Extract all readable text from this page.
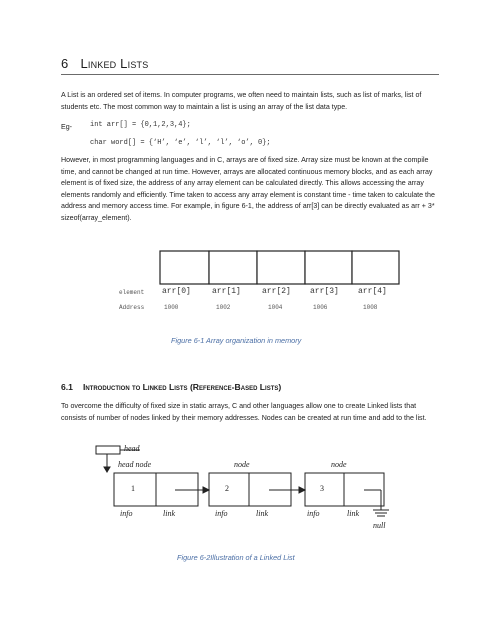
6 Linked Lists
A List is an ordered set of items. In computer programs, we often need to maintain lists, such as list of marks, list of students etc. The most common way to maintain a list is using an array of the list data type.
Eg-	int arr[] = {0,1,2,3,4};
char word[] = {‘H’, ‘e’, ‘l’, ‘l’, ‘o’, 0};
However, in most programming languages and in C, arrays are of fixed size. Array size must be known at the compile time, and cannot be changed at run time. However, arrays are allocated continuous memory blocks, and as each array element is of fixed size, the address of any array element can be calculated directly. This allows accessing the array elements randomly and efficiently. Time taken to access any array element is constant time - time taken to calculate the address and memory access time. For example, in figure 6-1, the address of arr[3] can be directly evaluated as arr + 3* sizeof(array_element).
element arr[0]	arr[1]	arr[2] arr[3] arr[4]
Address	1000	1002	1004	1006	1008
Figure 6-1 Array organization in memory
6.1 Introduction to Linked Lists (Reference-Based Lists)
To overcome the difficulty of fixed size in static arrays, C and other languages allow one to create Linked lists that consists of number of nodes linked by their memory addresses. Nodes can be created at run time and add to the list.
head
head node	node	node
1	2	3
info	link	info	link	info	link
null
Figure 6-2Illustration of a Linked List
